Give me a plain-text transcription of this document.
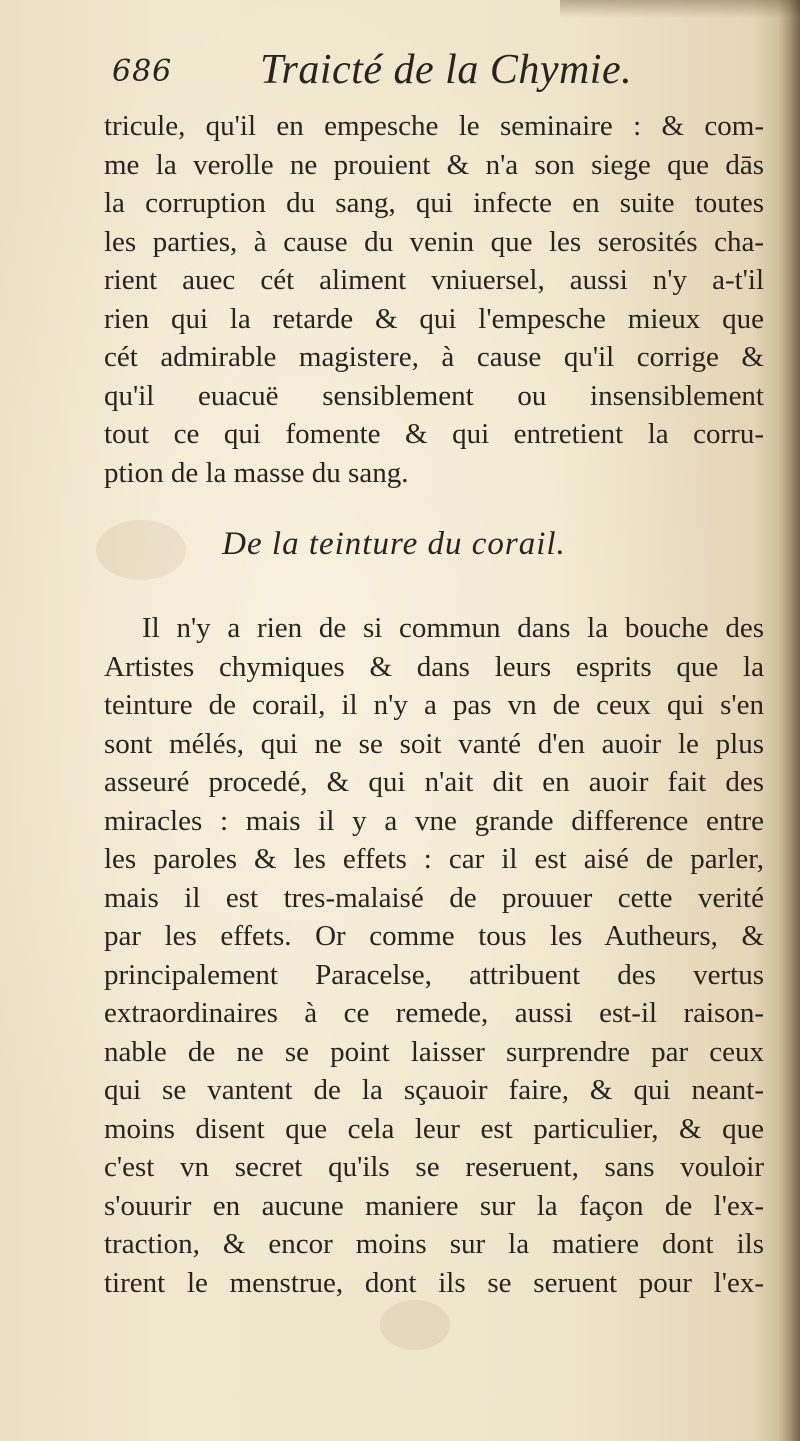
686 Traicté de la Chymie.
tricule, qu'il en empesche le seminaire : & com-
me la verolle ne prouient & n'a son siege que dās
la corruption du sang, qui infecte en suite toutes
les parties, à cause du venin que les serosités cha-
rient auec cét aliment vniuersel, aussi n'y a-t'il
rien qui la retarde & qui l'empesche mieux que
cét admirable magistere, à cause qu'il corrige &
qu'il euacuë sensiblement ou insensiblement
tout ce qui fomente & qui entretient la corru-
ption de la masse du sang.
De la teinture du corail.
Il n'y a rien de si commun dans la bouche des
Artistes chymiques & dans leurs esprits que la
teinture de corail, il n'y a pas vn de ceux qui s'en
sont mélés, qui ne se soit vanté d'en auoir le plus
asseuré procedé, & qui n'ait dit en auoir fait des
miracles : mais il y a vne grande difference entre
les paroles & les effets : car il est aisé de parler,
mais il est tres-malaisé de prouuer cette verité
par les effets. Or comme tous les Autheurs, &
principalement Paracelse, attribuent des vertus
extraordinaires à ce remede, aussi est-il raison-
nable de ne se point laisser surprendre par ceux
qui se vantent de la sçauoir faire, & qui neant-
moins disent que cela leur est particulier, & que
c'est vn secret qu'ils se reseruent, sans vouloir
s'ouurir en aucune maniere sur la façon de l'ex-
traction, & encor moins sur la matiere dont ils
tirent le menstrue, dont ils se seruent pour l'ex-
